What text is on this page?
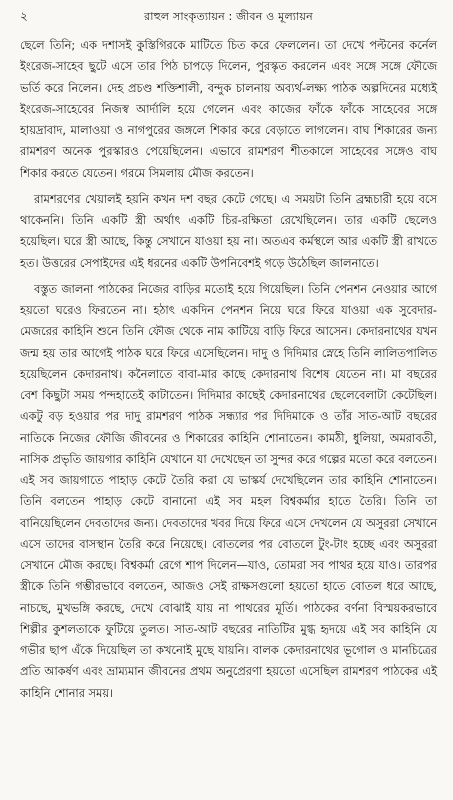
২	রাহুল সাংকৃত্যায়ন : জীবন ও মূল্যায়ন

ছেলে তিনি; এক দশাসই কুস্তিগিরকে মাটিতে চিত করে ফেললেন। তা দেখে পল্টনের কর্নেল ইংরেজ-সাহেব ছুটে এসে তার পিঠ চাপড়ে দিলেন, পুরস্কৃত করলেন এবং সঙ্গে সঙ্গে ফৌজে ভর্তি করে নিলেন। দেহ প্রচণ্ড শক্তিশালী, বন্দুক চালনায় অব্যর্থ-লক্ষ্য পাঠক অল্পদিনের মধ্যেই ইংরেজ-সাহেবের নিজস্ব আর্দালি হয়ে গেলেন এবং কাজের ফাঁকে ফাঁকে সাহেবের সঙ্গে হায়দ্রাবাদ, মালাওয়া ও নাগপুরের জঙ্গলে শিকার করে বেড়াতে লাগলেন। বাঘ শিকারের জন্য রামশরণ অনেক পুরস্কারও পেয়েছিলেন। এভাবে রামশরণ শীতকালে সাহেবের সঙ্গেও বাঘ শিকার করতে যেতেন। গরমে সিমলায় মৌজ করতেন।

রামশরণের খেয়ালই হয়নি কখন দশ বছর কেটে গেছে। এ সময়টা তিনি ব্রহ্মচারী হয়ে বসে থাকেননি। তিনি একটি স্ত্রী অর্থাৎ একটি চির-রক্ষিতা রেখেছিলেন। তার একটি ছেলেও হয়েছিল। ঘরে স্ত্রী আছে, কিন্তু সেখানে যাওয়া হয় না। অতএব কর্মস্থলে আর একটি স্ত্রী রাখতে হত। উত্তরের সেপাইদের এই ধরনের একটি উপনিবেশই গড়ে উঠেছিল জালনাতে।

বস্তুত জালনা পাঠকের নিজের বাড়ির মতোই হয়ে গিয়েছিল। তিনি পেনশন নেওয়ার আগে হয়তো ঘরেও ফিরতেন না। হঠাৎ একদিন পেনশন নিয়ে ঘরে ফিরে যাওয়া এক সুবেদার-মেজরের কাহিনি শুনে তিনি ফৌজ থেকে নাম কাটিয়ে বাড়ি ফিরে আসেন। কেদারনাথের যখন জন্ম হয় তার আগেই পাঠক ঘরে ফিরে এসেছিলেন। দাদু ও দিদিমার স্নেহে তিনি লালিতপালিত হয়েছিলেন কেদারনাথ। কনৈলাতে বাবা-মার কাছে কেদারনাথ বিশেষ যেতেন না। মা বছরের বেশ কিছুটা সময় পন্দহাতেই কাটাতেন। দিদিমার কাছেই কেদারনাথের ছেলেবেলাটা কেটেছিল। একটু বড় হওয়ার পর দাদু রামশরণ পাঠক সন্ধ্যার পর দিদিমাকে ও তাঁর সাত-আট বছরের নাতিকে নিজের ফৌজি জীবনের ও শিকারের কাহিনি শোনাতেন। কামঠী, ধুলিয়া, অমরাবতী, নাসিক প্রভৃতি জায়গার কাহিনি যেখানে যা দেখেছেন তা সুন্দর করে গল্পের মতো করে বলতেন। এই সব জায়গাতে পাহাড় কেটে তৈরি করা যে ভাস্কর্য দেখেছিলেন তার কাহিনি শোনাতেন। তিনি বলতেন পাহাড় কেটে বানানো এই সব মহল বিশ্বকর্মার হাতে তৈরি। তিনি তা বানিয়েছিলেন দেবতাদের জন্য। দেবতাদের খবর দিয়ে ফিরে এসে দেখলেন যে অসুররা সেখানে এসে তাদের বাসস্থান তৈরি করে নিয়েছে। বোতলের পর বোতলে টুং-টাং হচ্ছে এবং অসুররা সেখানে মৌজ করছে। বিশ্বকর্মা রেগে শাপ দিলেন—যাও, তোমরা সব পাথর হয়ে যাও। তারপর স্ত্রীকে তিনি গম্ভীরভাবে বলতেন, আজও সেই রাক্ষসগুলো হয়তো হাতে বোতল ধরে আছে, নাচছে, মুখভঙ্গি করছে, দেখে বোঝাই যায় না পাথরের মূর্তি। পাঠকের বর্ণনা বিস্ময়করভাবে শিল্পীর কুশলতাকে ফুটিয়ে তুলত। সাত-আট বছরের নাতিটির মুগ্ধ হৃদয়ে এই সব কাহিনি যে গভীর ছাপ এঁকে দিয়েছিল তা কখনোই মুছে যায়নি। বালক কেদারনাথের ভূগোল ও মানচিত্রের প্রতি আকর্ষণ এবং ভ্রাম্যমান জীবনের প্রথম অনুপ্রেরণা হয়তো এসেছিল রামশরণ পাঠকের এই কাহিনি শোনার সময়।
